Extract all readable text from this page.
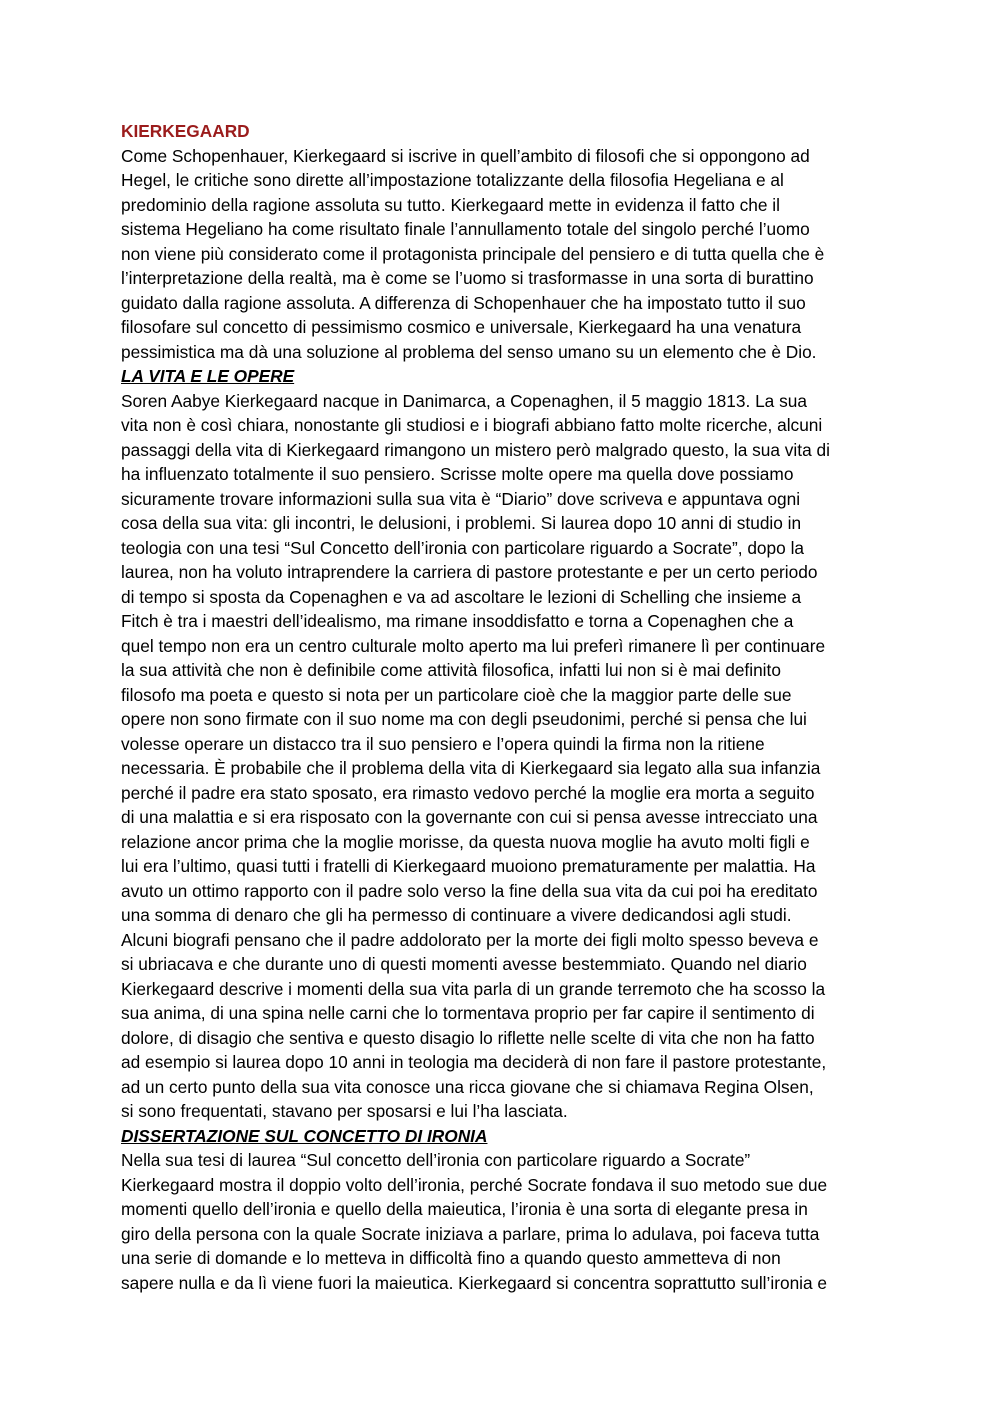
KIERKEGAARD
Come Schopenhauer, Kierkegaard si iscrive in quell’ambito di filosofi che si oppongono ad
Hegel, le critiche sono dirette all’impostazione totalizzante della filosofia Hegeliana e al
predominio della ragione assoluta su tutto. Kierkegaard mette in evidenza il fatto che il
sistema Hegeliano ha come risultato finale l’annullamento totale del singolo perché l’uomo
non viene più considerato come il protagonista principale del pensiero e di tutta quella che è
l’interpretazione della realtà, ma è come se l’uomo si trasformasse in una sorta di burattino
guidato dalla ragione assoluta. A differenza di Schopenhauer che ha impostato tutto il suo
filosofare sul concetto di pessimismo cosmico e universale, Kierkegaard ha una venatura
pessimistica ma dà una soluzione al problema del senso umano su un elemento che è Dio.
LA VITA E LE OPERE
Soren Aabye Kierkegaard nacque in Danimarca, a Copenaghen, il 5 maggio 1813. La sua
vita non è così chiara, nonostante gli studiosi e i biografi abbiano fatto molte ricerche, alcuni
passaggi della vita di Kierkegaard rimangono un mistero però malgrado questo, la sua vita di
ha influenzato totalmente il suo pensiero. Scrisse molte opere ma quella dove possiamo
sicuramente trovare informazioni sulla sua vita è “Diario” dove scriveva e appuntava ogni
cosa della sua vita: gli incontri, le delusioni, i problemi. Si laurea dopo 10 anni di studio in
teologia con una tesi “Sul Concetto dell’ironia con particolare riguardo a Socrate”, dopo la
laurea, non ha voluto intraprendere la carriera di pastore protestante e per un certo periodo
di tempo si sposta da Copenaghen e va ad ascoltare le lezioni di Schelling che insieme a
Fitch è tra i maestri dell’idealismo, ma rimane insoddisfatto e torna a Copenaghen che a
quel tempo non era un centro culturale molto aperto ma lui preferì rimanere lì per continuare
la sua attività che non è definibile come attività filosofica, infatti lui non si è mai definito
filosofo ma poeta e questo si nota per un particolare cioè che la maggior parte delle sue
opere non sono firmate con il suo nome ma con degli pseudonimi, perché si pensa che lui
volesse operare un distacco tra il suo pensiero e l’opera quindi la firma non la ritiene
necessaria. È probabile che il problema della vita di Kierkegaard sia legato alla sua infanzia
perché il padre era stato sposato, era rimasto vedovo perché la moglie era morta a seguito
di una malattia e si era risposato con la governante con cui si pensa avesse intrecciato una
relazione ancor prima che la moglie morisse, da questa nuova moglie ha avuto molti figli e
lui era l’ultimo, quasi tutti i fratelli di Kierkegaard muoiono prematuramente per malattia. Ha
avuto un ottimo rapporto con il padre solo verso la fine della sua vita da cui poi ha ereditato
una somma di denaro che gli ha permesso di continuare a vivere dedicandosi agli studi.
Alcuni biografi pensano che il padre addolorato per la morte dei figli molto spesso beveva e
si ubriacava e che durante uno di questi momenti avesse bestemmiato. Quando nel diario
Kierkegaard descrive i momenti della sua vita parla di un grande terremoto che ha scosso la
sua anima, di una spina nelle carni che lo tormentava proprio per far capire il sentimento di
dolore, di disagio che sentiva e questo disagio lo riflette nelle scelte di vita che non ha fatto
ad esempio si laurea dopo 10 anni in teologia ma deciderà di non fare il pastore protestante,
ad un certo punto della sua vita conosce una ricca giovane che si chiamava Regina Olsen,
si sono frequentati, stavano per sposarsi e lui l’ha lasciata.
DISSERTAZIONE SUL CONCETTO DI IRONIA
Nella sua tesi di laurea “Sul concetto dell’ironia con particolare riguardo a Socrate”
Kierkegaard mostra il doppio volto dell’ironia, perché Socrate fondava il suo metodo sue due
momenti quello dell’ironia e quello della maieutica, l’ironia è una sorta di elegante presa in
giro della persona con la quale Socrate iniziava a parlare, prima lo adulava, poi faceva tutta
una serie di domande e lo metteva in difficoltà fino a quando questo ammetteva di non
sapere nulla e da lì viene fuori la maieutica. Kierkegaard si concentra soprattutto sull’ironia e
